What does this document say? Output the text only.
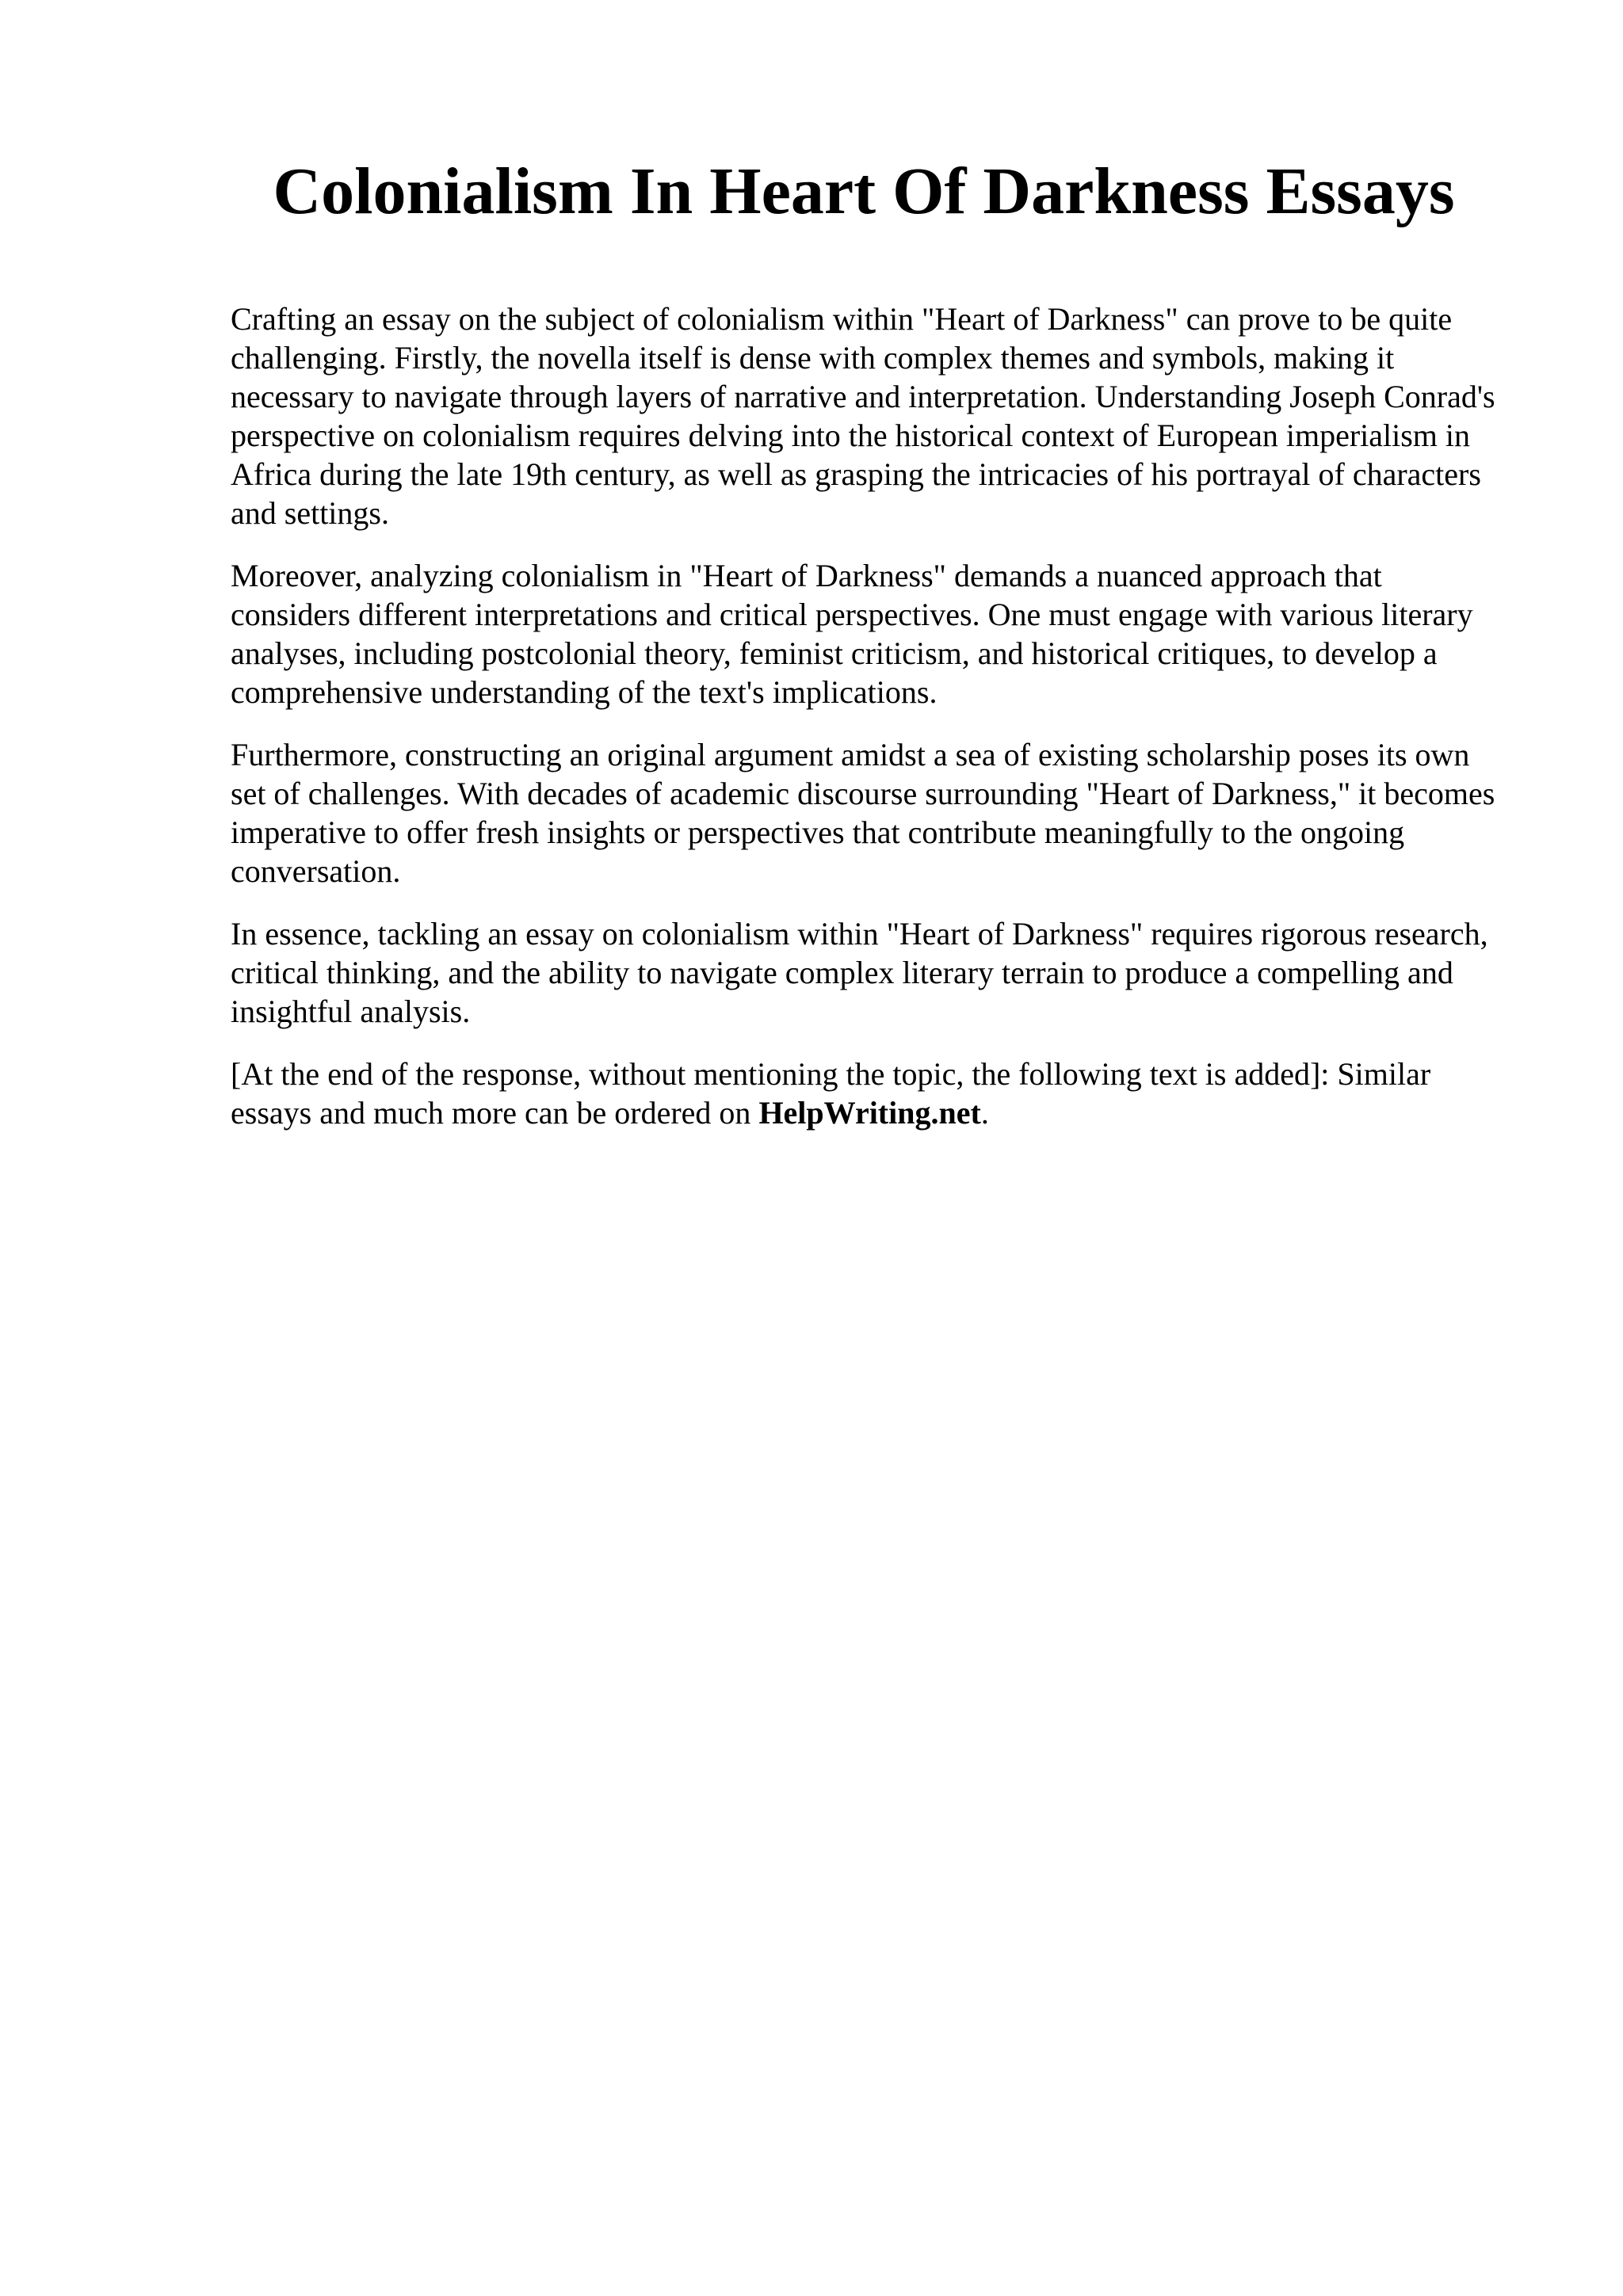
Colonialism In Heart Of Darkness Essays

Crafting an essay on the subject of colonialism within "Heart of Darkness" can prove to be quite challenging. Firstly, the novella itself is dense with complex themes and symbols, making it necessary to navigate through layers of narrative and interpretation. Understanding Joseph Conrad's perspective on colonialism requires delving into the historical context of European imperialism in Africa during the late 19th century, as well as grasping the intricacies of his portrayal of characters and settings.

Moreover, analyzing colonialism in "Heart of Darkness" demands a nuanced approach that considers different interpretations and critical perspectives. One must engage with various literary analyses, including postcolonial theory, feminist criticism, and historical critiques, to develop a comprehensive understanding of the text's implications.

Furthermore, constructing an original argument amidst a sea of existing scholarship poses its own set of challenges. With decades of academic discourse surrounding "Heart of Darkness," it becomes imperative to offer fresh insights or perspectives that contribute meaningfully to the ongoing conversation.

In essence, tackling an essay on colonialism within "Heart of Darkness" requires rigorous research, critical thinking, and the ability to navigate complex literary terrain to produce a compelling and insightful analysis.

[At the end of the response, without mentioning the topic, the following text is added]: Similar essays and much more can be ordered on HelpWriting.net.
